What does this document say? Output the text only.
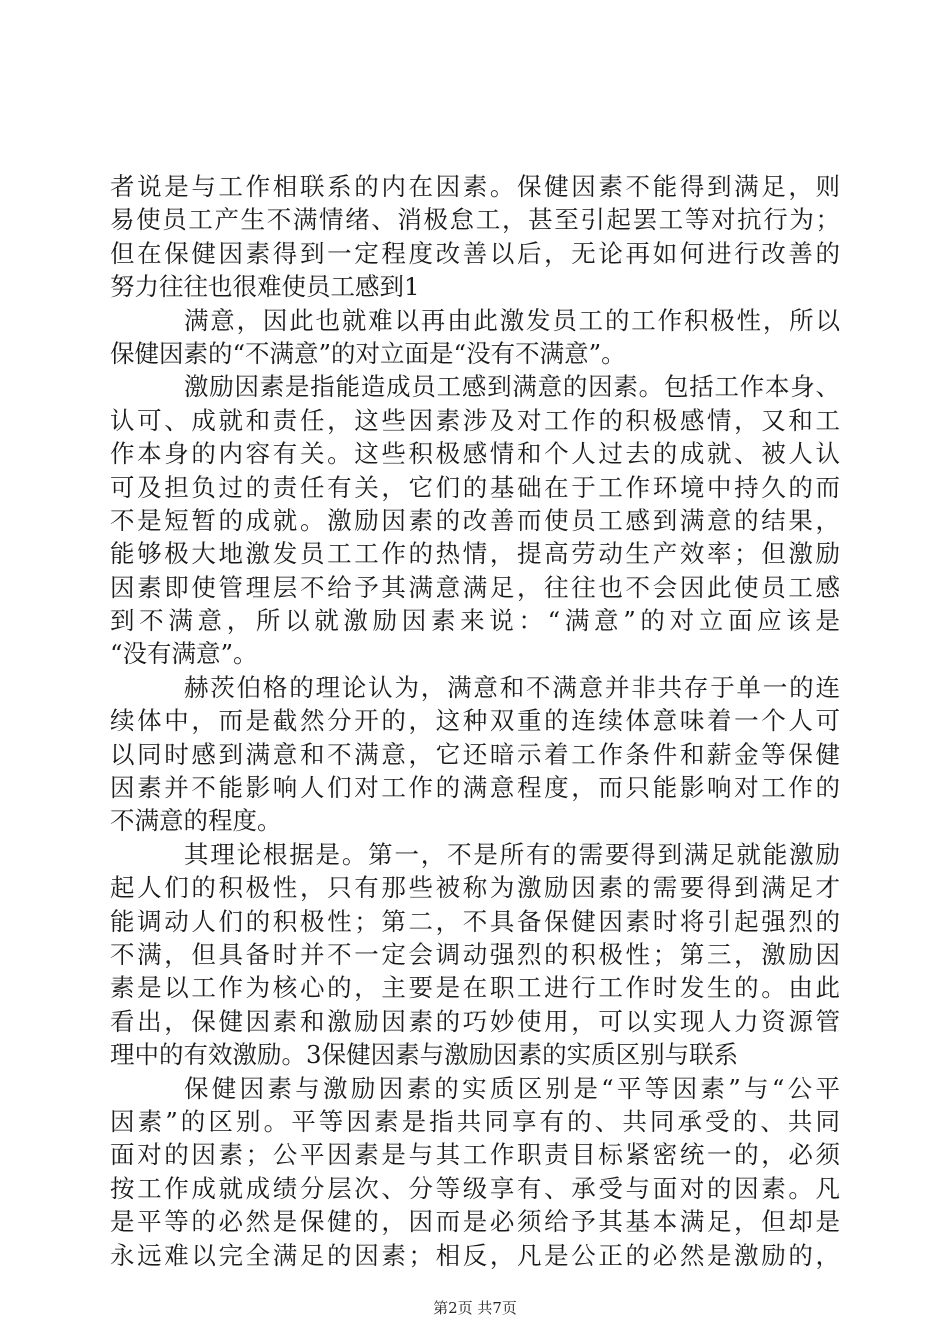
者说是与工作相联系的内在因素。保健因素不能得到满足，则
易使员工产生不满情绪、消极怠工，甚至引起罢工等对抗行为；
但在保健因素得到一定程度改善以后，无论再如何进行改善的
努力往往也很难使员工感到1
满意，因此也就难以再由此激发员工的工作积极性，所以
保健因素的“不满意”的对立面是“没有不满意”。
激励因素是指能造成员工感到满意的因素。包括工作本身、
认可、成就和责任，这些因素涉及对工作的积极感情，又和工
作本身的内容有关。这些积极感情和个人过去的成就、被人认
可及担负过的责任有关，它们的基础在于工作环境中持久的而
不是短暂的成就。激励因素的改善而使员工感到满意的结果，
能够极大地激发员工工作的热情，提高劳动生产效率；但激励
因素即使管理层不给予其满意满足，往往也不会因此使员工感
到不满意，所以就激励因素来说：“满意”的对立面应该是
“没有满意”。
赫茨伯格的理论认为，满意和不满意并非共存于单一的连
续体中，而是截然分开的，这种双重的连续体意味着一个人可
以同时感到满意和不满意，它还暗示着工作条件和薪金等保健
因素并不能影响人们对工作的满意程度，而只能影响对工作的
不满意的程度。
其理论根据是。第一，不是所有的需要得到满足就能激励
起人们的积极性，只有那些被称为激励因素的需要得到满足才
能调动人们的积极性；第二，不具备保健因素时将引起强烈的
不满，但具备时并不一定会调动强烈的积极性；第三，激励因
素是以工作为核心的，主要是在职工进行工作时发生的。由此
看出，保健因素和激励因素的巧妙使用，可以实现人力资源管
理中的有效激励。3保健因素与激励因素的实质区别与联系
保健因素与激励因素的实质区别是“平等因素”与“公平
因素”的区别。平等因素是指共同享有的、共同承受的、共同
面对的因素；公平因素是与其工作职责目标紧密统一的，必须
按工作成就成绩分层次、分等级享有、承受与面对的因素。凡
是平等的必然是保健的，因而是必须给予其基本满足，但却是
永远难以完全满足的因素；相反，凡是公正的必然是激励的，
第2页 共7页
